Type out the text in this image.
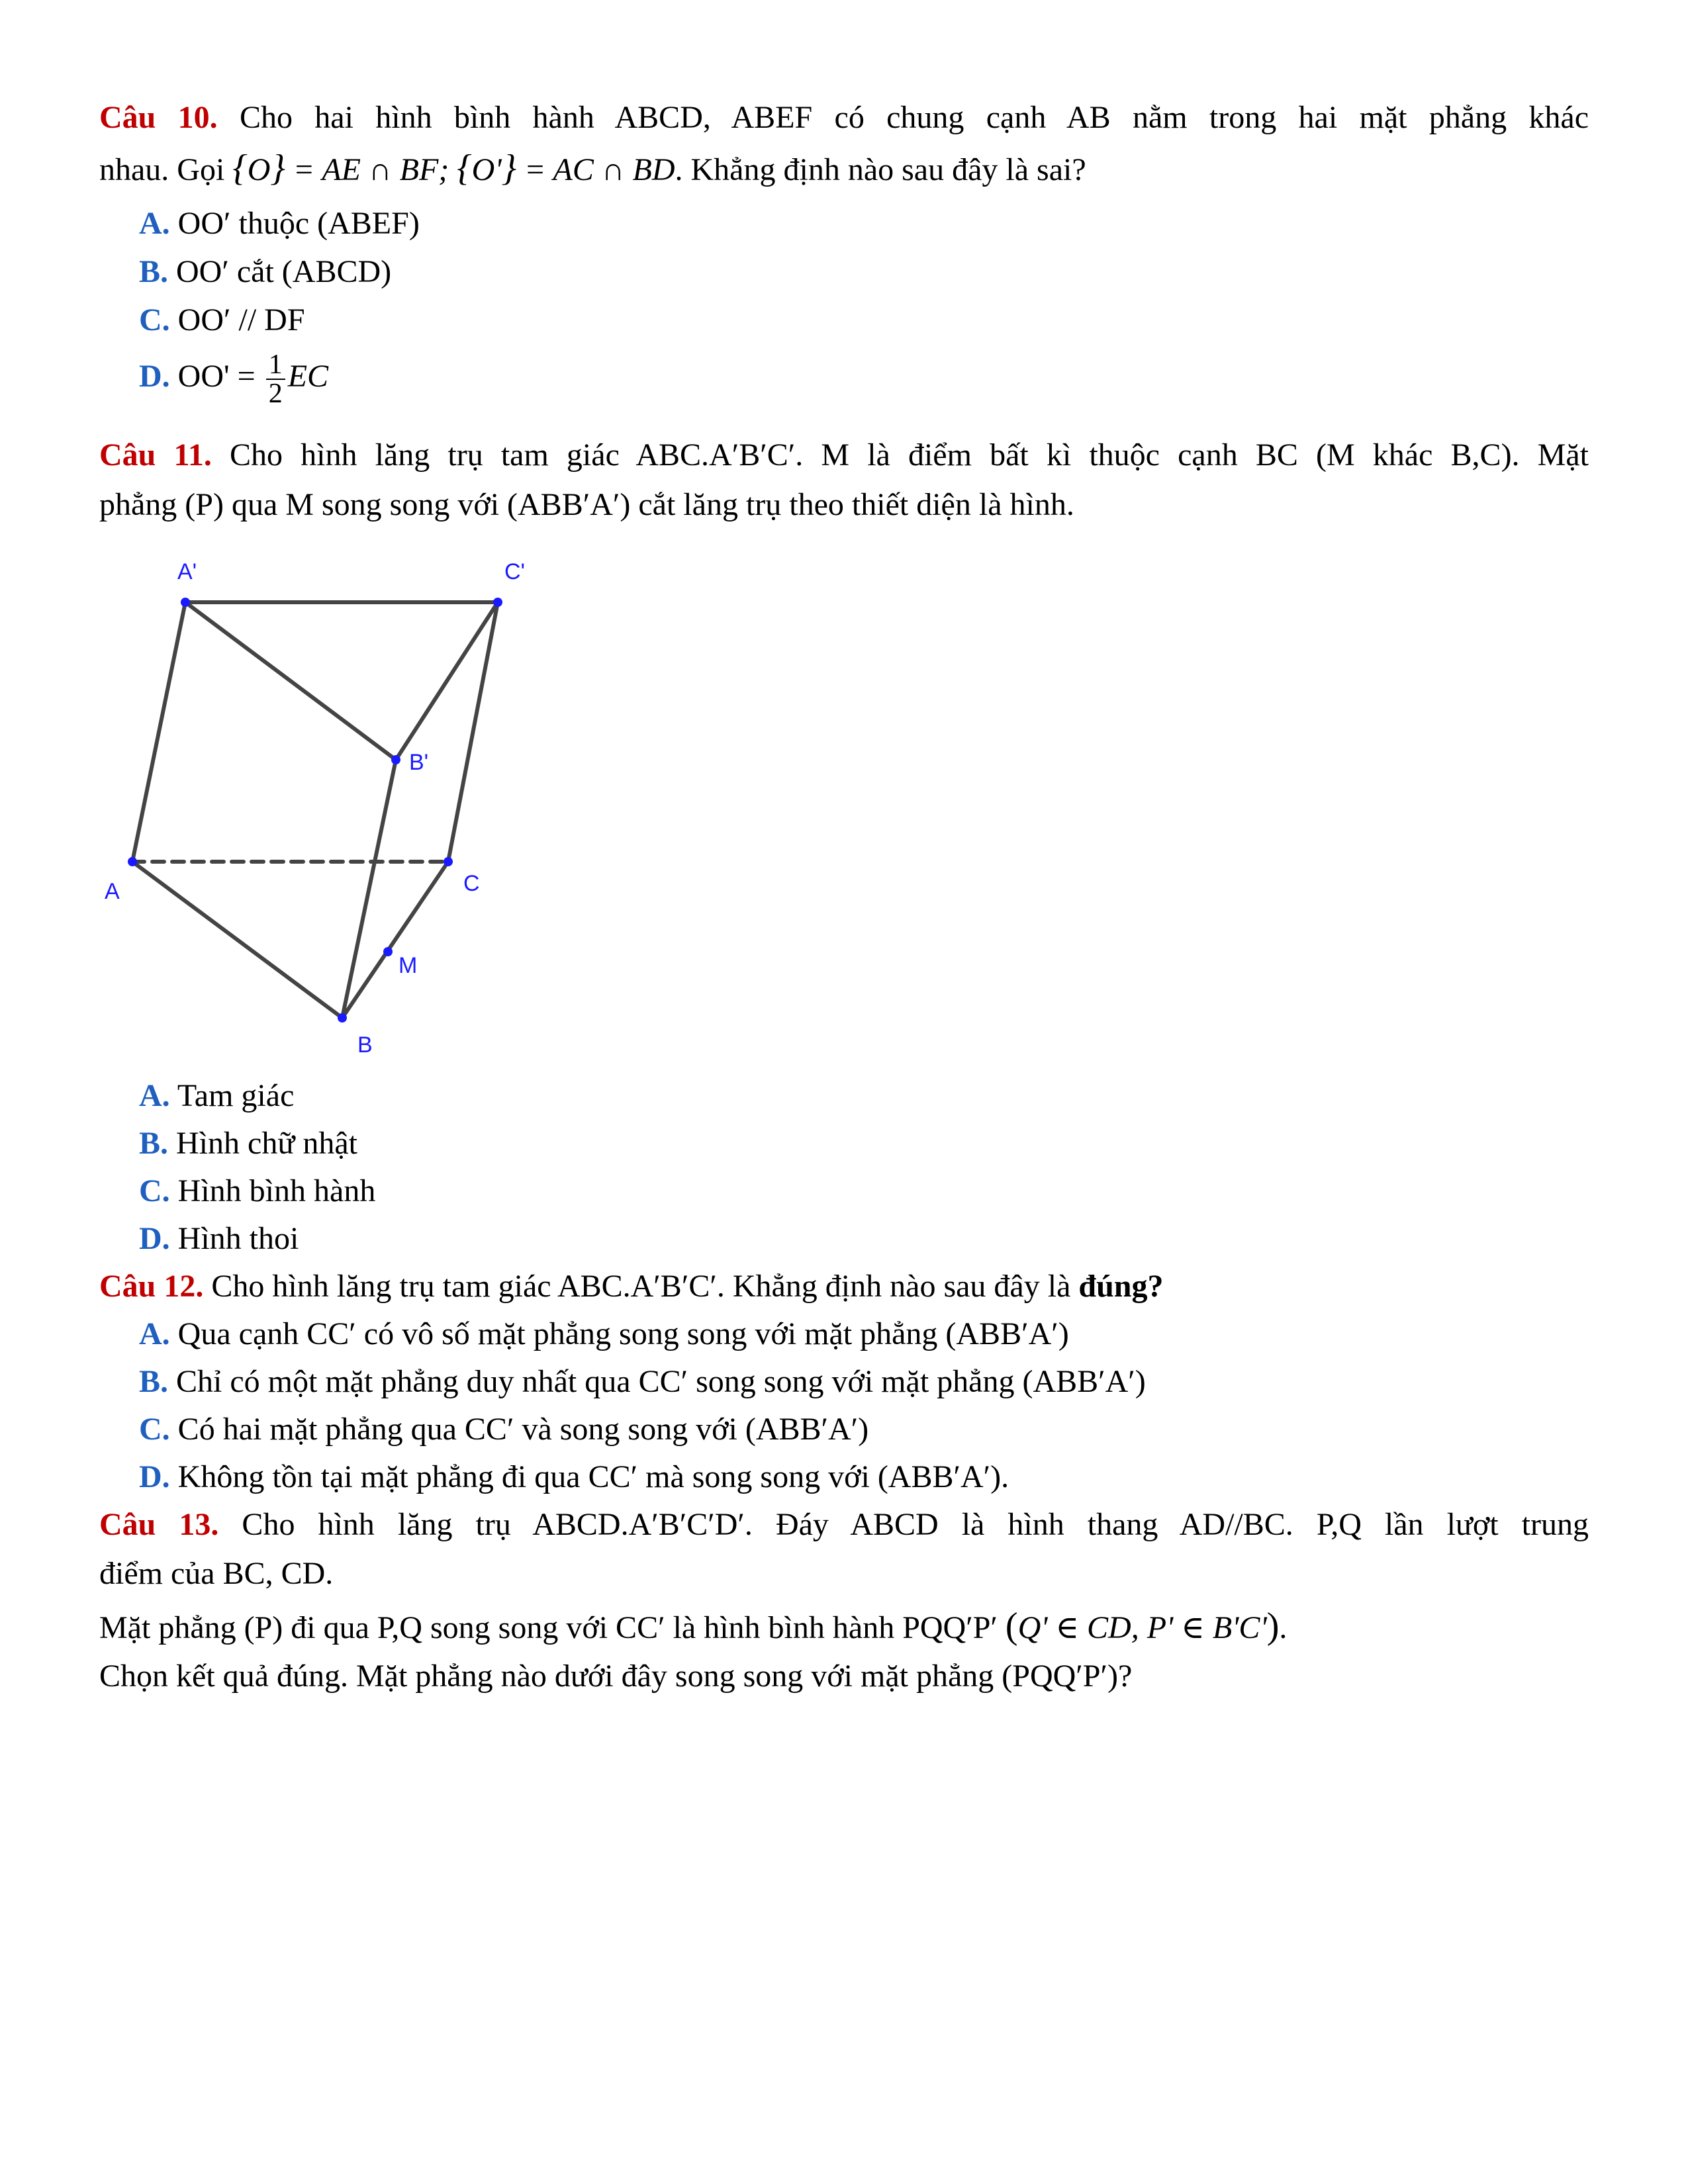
Câu 10. Cho hai hình bình hành ABCD, ABEF có chung cạnh AB nằm trong hai mặt phẳng khác
nhau. Gọi {O} = AE ∩ BF; {O'} = AC ∩ BD. Khẳng định nào sau đây là sai?
A. OO′ thuộc (ABEF)
B. OO′ cắt (ABCD)
C. OO′ // DF
D. $OO' = \frac{1}{2}$ EC
Câu 11. Cho hình lăng trụ tam giác ABC.A′B′C′. M là điểm bất kì thuộc cạnh BC (M khác B,C). Mặt
phẳng (P) qua M song song với (ABB′A′) cắt lăng trụ theo thiết diện là hình.
A'	C'
B'
A	C
M
B
A. Tam giác
B. Hình chữ nhật
C. Hình bình hành
D. Hình thoi
Câu 12. Cho hình lăng trụ tam giác ABC.A′B′C′. Khẳng định nào sau đây là đúng?
A. Qua cạnh CC′ có vô số mặt phẳng song song với mặt phẳng (ABB′A′)
B. Chỉ có một mặt phẳng duy nhất qua CC′ song song với mặt phẳng (ABB′A′)
C. Có hai mặt phẳng qua CC′ và song song với (ABB′A′)
D. Không tồn tại mặt phẳng đi qua CC′ mà song song với (ABB′A′).
Câu 13. Cho hình lăng trụ ABCD.A′B′C′D′. Đáy ABCD là hình thang AD//BC. P,Q lần lượt trung
điểm của BC, CD.
Mặt phẳng (P) đi qua P,Q song song với CC′ là hình bình hành PQQ′P′ (Q' ∈ CD, P' ∈ B'C').
Chọn kết quả đúng. Mặt phẳng nào dưới đây song song với mặt phẳng (PQQ′P′)?
